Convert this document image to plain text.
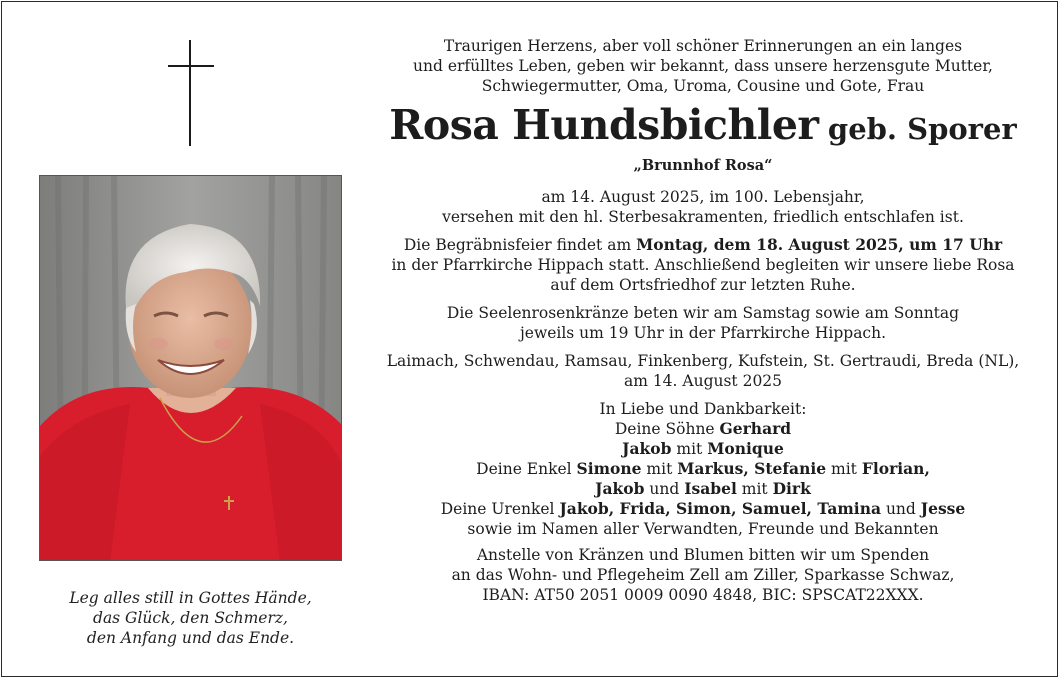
Leg alles still in Gottes Hände,
das Glück, den Schmerz,
den Anfang und das Ende.
Traurigen Herzens, aber voll schöner Erinnerungen an ein langes
und erfülltes Leben, geben wir bekannt, dass unsere herzensgute Mutter,
Schwiegermutter, Oma, Uroma, Cousine und Gote, Frau
Rosa Hundsbichler geb. Sporer
„Brunnhof Rosa“
am 14. August 2025, im 100. Lebensjahr,
versehen mit den hl. Sterbesakramenten, friedlich entschlafen ist.
Die Begräbnisfeier findet am Montag, dem 18. August 2025, um 17 Uhr
in der Pfarrkirche Hippach statt. Anschließend begleiten wir unsere liebe Rosa
auf dem Ortsfriedhof zur letzten Ruhe.
Die Seelenrosenkränze beten wir am Samstag sowie am Sonntag
jeweils um 19 Uhr in der Pfarrkirche Hippach.
Laimach, Schwendau, Ramsau, Finkenberg, Kufstein, St. Gertraudi, Breda (NL),
am 14. August 2025
In Liebe und Dankbarkeit:
Deine Söhne Gerhard
Jakob mit Monique
Deine Enkel Simone mit Markus, Stefanie mit Florian,
Jakob und Isabel mit Dirk
Deine Urenkel Jakob, Frida, Simon, Samuel, Tamina und Jesse
sowie im Namen aller Verwandten, Freunde und Bekannten
Anstelle von Kränzen und Blumen bitten wir um Spenden
an das Wohn- und Pflegeheim Zell am Ziller, Sparkasse Schwaz,
IBAN: AT50 2051 0009 0090 4848, BIC: SPSCAT22XXX.
